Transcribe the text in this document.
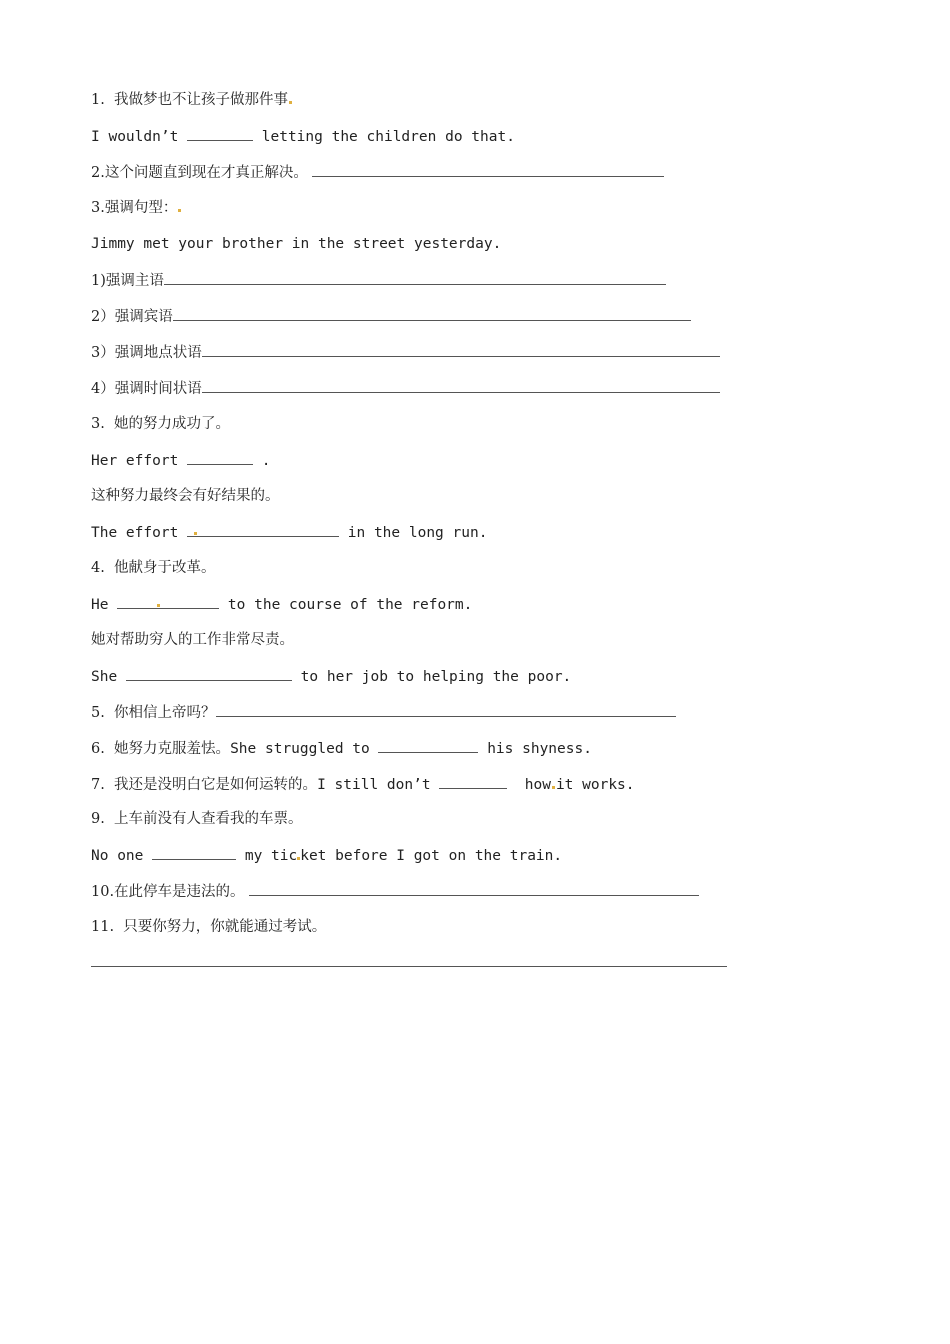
1.  我做梦也不让孩子做那件事
I wouldn’t	letting the children do that.
2.这个问题直到现在才真正解决。
3.强调句型：
Jimmy met your brother in the street yesterday.
1)强调主语
2）强调宾语
3）强调地点状语
4）强调时间状语
3.  她的努力成功了。
Her effort	.
这种努力最终会有好结果的。
The effort	in the long run.
4.  他献身于改革。
He	to the course of the reform.
她对帮助穷人的工作非常尽责。
She	to her job to helping the poor.
5.  你相信上帝吗？
6.  她努力克服羞怯。She struggled to	his shyness.
7.  我还是没明白它是如何运转的。I still don’t	how it works.
9.  上车前没有人查看我的车票。
No one	my tic ket before I got on the train.
10.在此停车是违法的。
11.  只要你努力，你就能通过考试。
